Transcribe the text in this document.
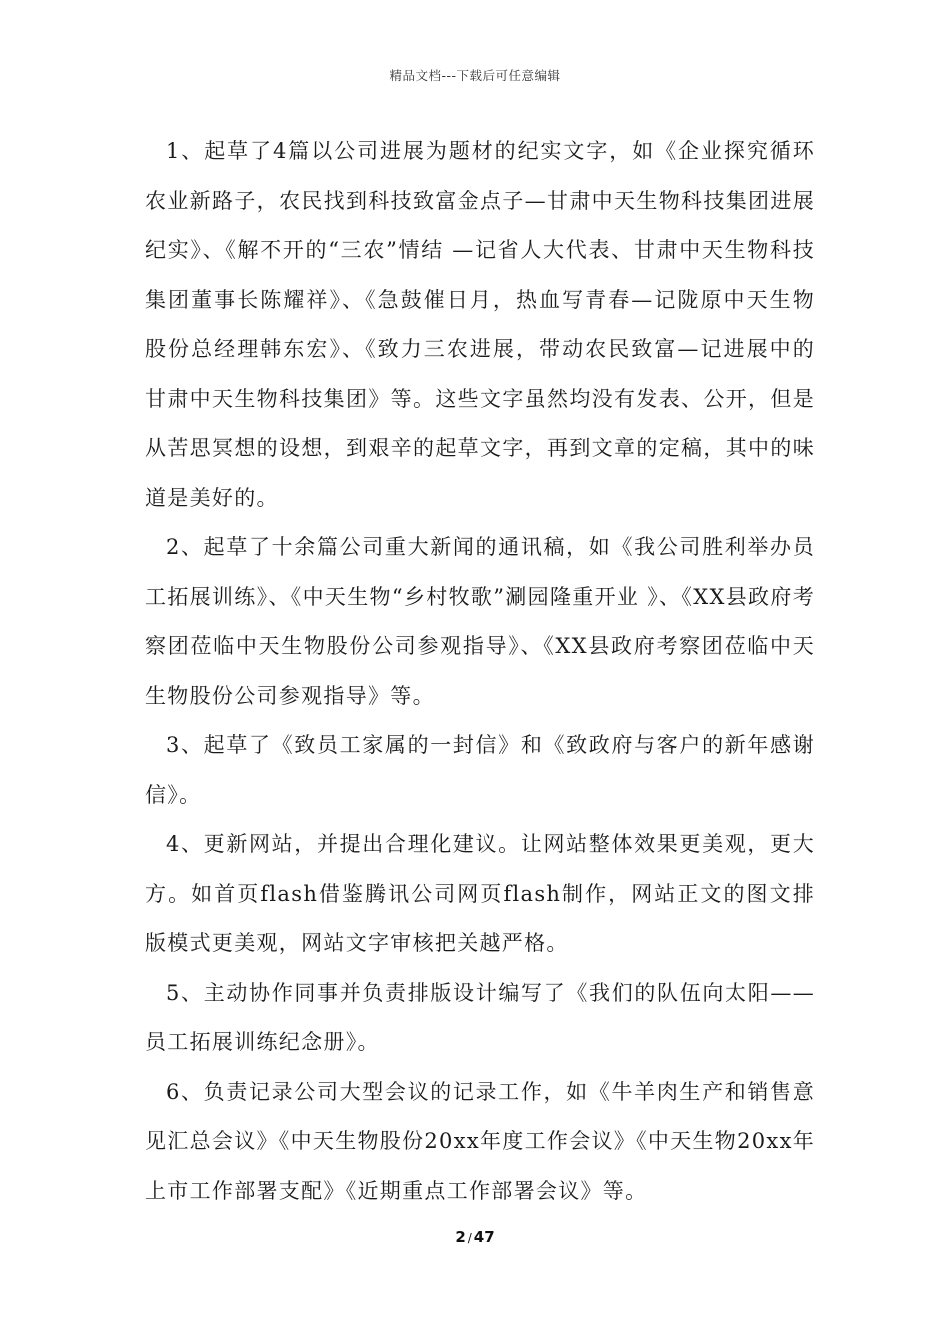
精品文档---下载后可任意编辑

1、起草了4篇以公司进展为题材的纪实文字，如《企业探究循环农业新路子，农民找到科技致富金点子—甘肃中天生物科技集团进展纪实》、《解不开的“三农”情结 —记省人大代表、甘肃中天生物科技集团董事长陈耀祥》、《急鼓催日月，热血写青春—记陇原中天生物股份总经理韩东宏》、《致力三农进展，带动农民致富—记进展中的甘肃中天生物科技集团》等。这些文字虽然均没有发表、公开，但是从苦思冥想的设想，到艰辛的起草文字，再到文章的定稿，其中的味道是美好的。

2、起草了十余篇公司重大新闻的通讯稿，如《我公司胜利举办员工拓展训练》、《中天生物“乡村牧歌”涮园隆重开业 》、《XX县政府考察团莅临中天生物股份公司参观指导》、《XX县政府考察团莅临中天生物股份公司参观指导》等。

3、起草了《致员工家属的一封信》和《致政府与客户的新年感谢信》。

4、更新网站，并提出合理化建议。让网站整体效果更美观，更大方。如首页flash借鉴腾讯公司网页flash制作，网站正文的图文排版模式更美观，网站文字审核把关越严格。

5、主动协作同事并负责排版设计编写了《我们的队伍向太阳——员工拓展训练纪念册》。

6、负责记录公司大型会议的记录工作，如《牛羊肉生产和销售意见汇总会议》《中天生物股份20xx年度工作会议》《中天生物20xx年上市工作部署支配》《近期重点工作部署会议》等。

2 / 47
